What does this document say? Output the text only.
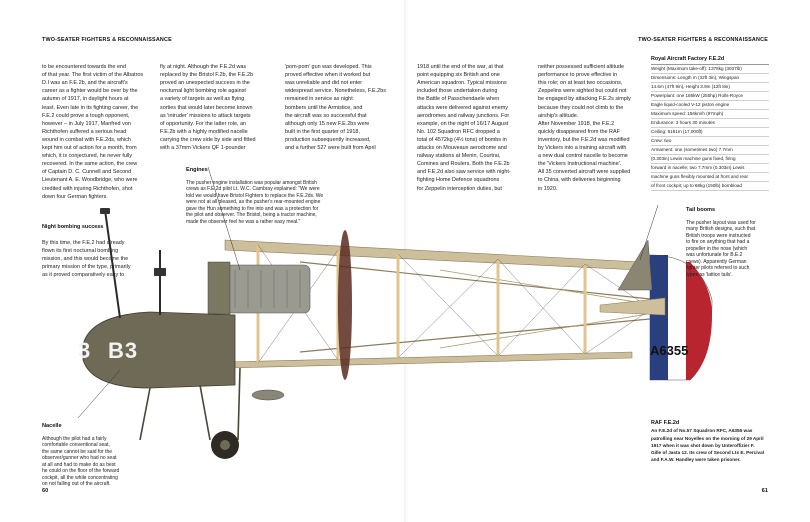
TWO-SEATER FIGHTERS & RECONNAISSANCE	TWO-SEATER FIGHTERS & RECONNAISSANCE
3 B3	A6355

to be encountered towards the end
of that year. The first victim of the Albatros
D.I was an F.E.2b, and the aircraft's
career as a fighter would be over by the
autumn of 1917, in daylight hours at
least. Even late in its fighting career, the
F.E.2 could prove a tough opponent,
however – in July 1917, Manfred von
Richthofen suffered a serious head
wound in combat with F.E.2ds, which
kept him out of action for a month, from
which, it is conjectured, he never fully
recovered. In the same action, the crew
of Captain D. C. Cunnell and Second
Lieutenant A. E. Woodbridge, who were
credited with injuring Richthofen, shot
down four German fighters.

Night bombing success

By this time, the F.E.2 had already
flown its first nocturnal bombing
mission, and this would become the
primary mission of the type, primarily
as it proved comparatively easy to

fly at night. Although the F.E.2d was
replaced by the Bristol F.2b, the F.E.2b
proved an unexpected success in the
nocturnal light bombing role against
a variety of targets as well as flying
sorties that would later become known
as 'intruder' missions to attack targets
of opportunity. For the latter role, an
F.E.2b with a highly modified nacelle
carrying the crew side by side and fitted
with a 37mm Vickers QF 1-pounder

'pom-pom' gun was developed. This
proved effective when it worked but
was unreliable and did not enter
widespread service. Nonetheless, F.E.2bs
remained in service as night
bombers until the Armistice, and
the aircraft was so successful that
although only 15 new F.E.2bs were
built in the first quarter of 1918,
production subsequently increased,
and a further 527 were built from April

1918 until the end of the war, at that
point equipping six British and one
American squadron. Typical missions
included those undertaken during
the Battle of Passchendaele when
attacks were delivered against enemy
aerodromes and railway junctions. For
example, on the night of 16/17 August
No. 102 Squadron RFC dropped a
total of 4572kg (4½ tons) of bombs in
attacks on Mouveaux aerodrome and
railway stations at Menin, Courtrai,
Comines and Roulers. Both the F.E.2b
and F.E.2d also saw service with night-
fighting Home Defence squadrons
for Zeppelin interception duties, but

neither possessed sufficient altitude
performance to prove effective in
this role; on at least two occasions,
Zeppelins were sighted but could not
be engaged by attacking F.E.2s simply
because they could not climb to the
airship's altitude.
After November 1918, the F.E.2
quickly disappeared from the RAF
inventory, but the F.E.2d was modified
by Vickers into a training aircraft with
a new dual control nacelle to become
the 'Vickers Instructional machine'.
All 35 converted aircraft were supplied
to China, with deliveries beginning
in 1920.

Royal Aircraft Factory F.E.2d
Weight (Maximum take-off): 1378kg (3037lb)
Dimensions: Length m (32ft 3in), Wingspan
14.6m (47ft 9in), Height 3.9m (12ft 8in)
Powerplant: one 186kW (250hp) Rolls-Royce
Eagle liquid-cooled V-12 piston engine
Maximum speed: 156km/h (97mph)
Endurance: 3 hours 30 minutes
Ceiling: 5181m (17,000ft)
Crew: two
Armament: one (sometimes two) 7.7mm
(0.303in) Lewis machine guns fixed, firing
forward in nacelle; two 7.7mm (0.303in) Lewis
machine guns flexibly mounted at front and rear
of front cockpit; up to 68kg (150lb) bombload

Engines

The pusher engine installation was popular amongst British
crews as F.E.2d pilot Lt. W.C. Cambray explained: "We were
told we would have Bristol Fighters to replace the F.E.2ds. We
were not at all pleased, as the pusher's rear-mounted engine
gave the Hun something to fire into and was a protection for
the pilot and observer. The Bristol, being a tractor machine,
made the observer feel he was a rather easy meal."

Tail booms

The pusher layout was used for
many British designs, such that
British troops were instructed
to fire on anything that had a
propeller in the nose (which
was unfortunate for B.E.2
crews). Apparently German
fighter pilots referred to such
types as 'lattice tails'.

Nacelle

Although the pilot had a fairly
comfortable conventional seat,
the same cannot be said for the
observer/gunner who had no seat
at all and had to make do as best
he could on the floor of the forward
cockpit, all the while concentrating
on not falling out of the aircraft.

RAF F.E.2d
An F.E.2d of No.57 Squadron RFC, A6355 was
patrolling near Noyelles on the morning of 29 April
1917 when it was shot down by Unteroffizier F.
Gille of Jasta 12. Its crew of Second Lts E. Percival
and F.A.W. Handley were taken prisoner.
60	61
